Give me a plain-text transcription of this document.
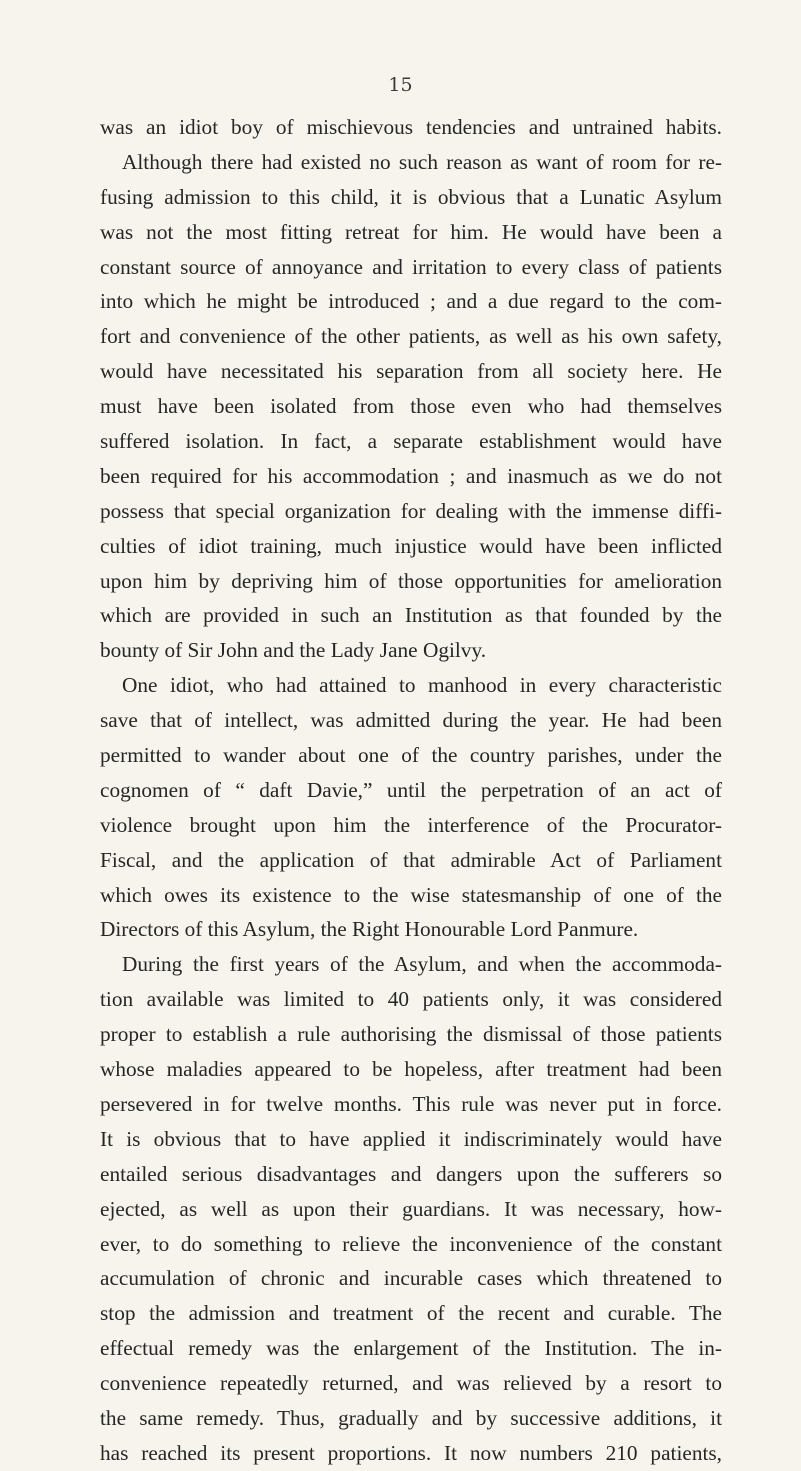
15
was an idiot boy of mischievous tendencies and untrained habits.
Although there had existed no such reason as want of room for re-
fusing admission to this child, it is obvious that a Lunatic Asylum
was not the most fitting retreat for him. He would have been a
constant source of annoyance and irritation to every class of patients
into which he might be introduced ; and a due regard to the com-
fort and convenience of the other patients, as well as his own safety,
would have necessitated his separation from all society here. He
must have been isolated from those even who had themselves
suffered isolation. In fact, a separate establishment would have
been required for his accommodation ; and inasmuch as we do not
possess that special organization for dealing with the immense diffi-
culties of idiot training, much injustice would have been inflicted
upon him by depriving him of those opportunities for amelioration
which are provided in such an Institution as that founded by the
bounty of Sir John and the Lady Jane Ogilvy.
One idiot, who had attained to manhood in every characteristic
save that of intellect, was admitted during the year. He had been
permitted to wander about one of the country parishes, under the
cognomen of “ daft Davie,” until the perpetration of an act of
violence brought upon him the interference of the Procurator-
Fiscal, and the application of that admirable Act of Parliament
which owes its existence to the wise statesmanship of one of the
Directors of this Asylum, the Right Honourable Lord Panmure.
During the first years of the Asylum, and when the accommoda-
tion available was limited to 40 patients only, it was considered
proper to establish a rule authorising the dismissal of those patients
whose maladies appeared to be hopeless, after treatment had been
persevered in for twelve months. This rule was never put in force.
It is obvious that to have applied it indiscriminately would have
entailed serious disadvantages and dangers upon the sufferers so
ejected, as well as upon their guardians. It was necessary, how-
ever, to do something to relieve the inconvenience of the constant
accumulation of chronic and incurable cases which threatened to
stop the admission and treatment of the recent and curable. The
effectual remedy was the enlargement of the Institution. The in-
convenience repeatedly returned, and was relieved by a resort to
the same remedy. Thus, gradually and by successive additions, it
has reached its present proportions. It now numbers 210 patients,
